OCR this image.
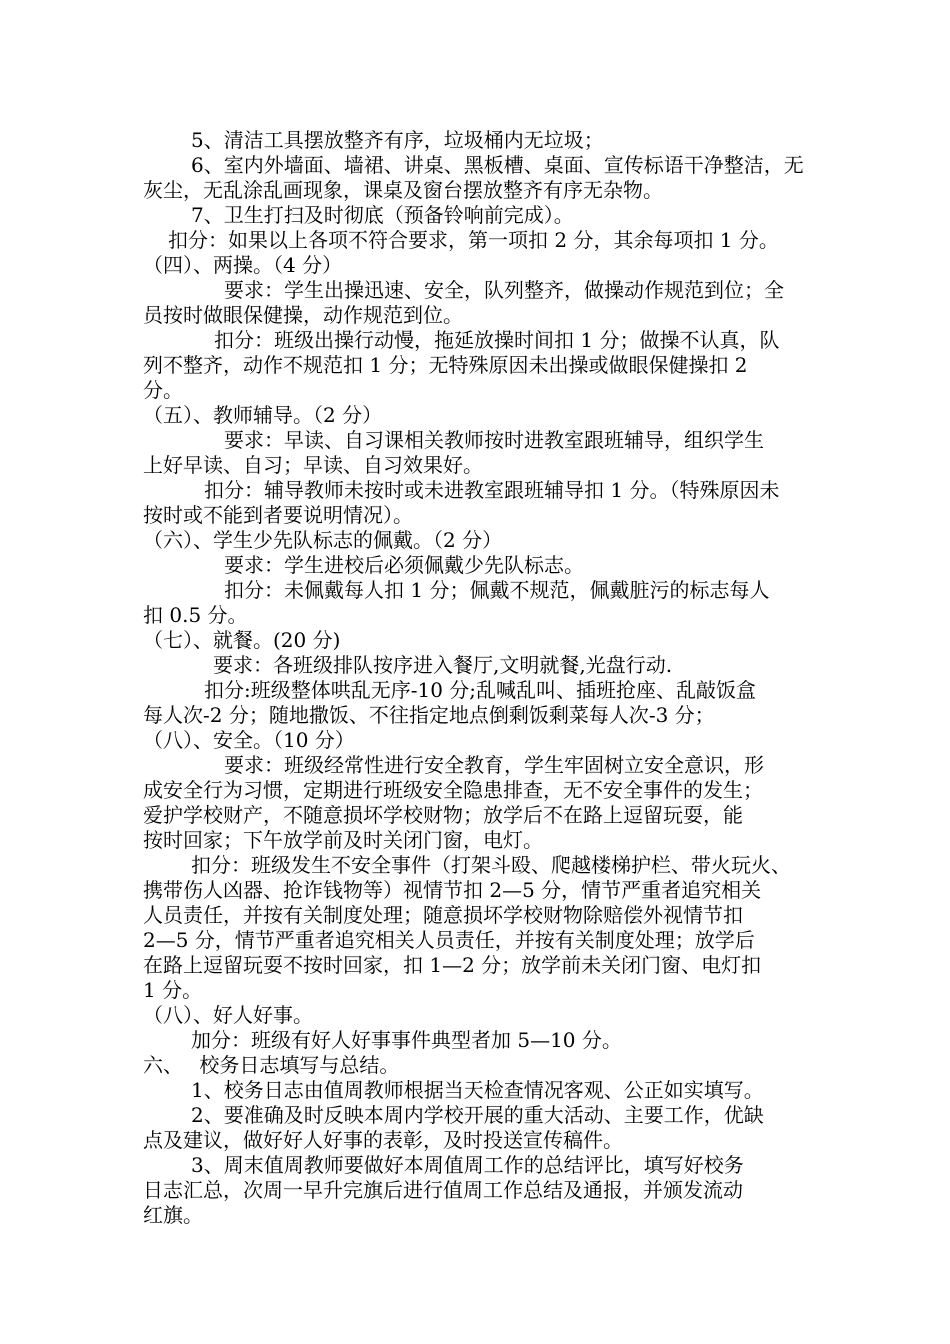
5、清洁工具摆放整齐有序，垃圾桶内无垃圾；
6、室内外墙面、墙裙、讲桌、黑板槽、桌面、宣传标语干净整洁，无
灰尘，无乱涂乱画现象，课桌及窗台摆放整齐有序无杂物。
7、卫生打扫及时彻底（预备铃响前完成）。
扣分：如果以上各项不符合要求，第一项扣 2 分，其余每项扣 1 分。
（四）、两操。（4 分）
要求：学生出操迅速、安全，队列整齐，做操动作规范到位；全
员按时做眼保健操，动作规范到位。
扣分：班级出操行动慢，拖延放操时间扣 1 分；做操不认真，队
列不整齐，动作不规范扣 1 分；无特殊原因未出操或做眼保健操扣 2
分。
（五）、教师辅导。（2 分）
要求：早读、自习课相关教师按时进教室跟班辅导，组织学生
上好早读、自习；早读、自习效果好。
扣分：辅导教师未按时或未进教室跟班辅导扣 1 分。（特殊原因未
按时或不能到者要说明情况）。
（六）、学生少先队标志的佩戴。（2 分）
要求：学生进校后必须佩戴少先队标志。
扣分：未佩戴每人扣 1 分；佩戴不规范，佩戴脏污的标志每人
扣 0.5 分。
（七）、就餐。(20 分)
要求：各班级排队按序进入餐厅,文明就餐,光盘行动.
扣分:班级整体哄乱无序-10 分;乱喊乱叫、插班抢座、乱敲饭盒
每人次-2 分；随地撒饭、不往指定地点倒剩饭剩菜每人次-3 分；
（八）、安全。（10 分）
要求：班级经常性进行安全教育，学生牢固树立安全意识，形
成安全行为习惯，定期进行班级安全隐患排查，无不安全事件的发生；
爱护学校财产，不随意损坏学校财物；放学后不在路上逗留玩耍，能
按时回家；下午放学前及时关闭门窗，电灯。
扣分：班级发生不安全事件（打架斗殴、爬越楼梯护栏、带火玩火、
携带伤人凶器、抢诈钱物等）视情节扣 2—5 分，情节严重者追究相关
人员责任，并按有关制度处理；随意损坏学校财物除赔偿外视情节扣
2—5 分，情节严重者追究相关人员责任，并按有关制度处理；放学后
在路上逗留玩耍不按时回家，扣 1—2 分；放学前未关闭门窗、电灯扣
1 分。
（八）、好人好事。
加分：班级有好人好事事件典型者加 5—10 分。
六、　 校务日志填写与总结。
1、校务日志由值周教师根据当天检查情况客观、公正如实填写。
2、要准确及时反映本周内学校开展的重大活动、主要工作，优缺
点及建议，做好好人好事的表彰，及时投送宣传稿件。
3、周末值周教师要做好本周值周工作的总结评比，填写好校务
日志汇总，次周一早升完旗后进行值周工作总结及通报，并颁发流动
红旗。
